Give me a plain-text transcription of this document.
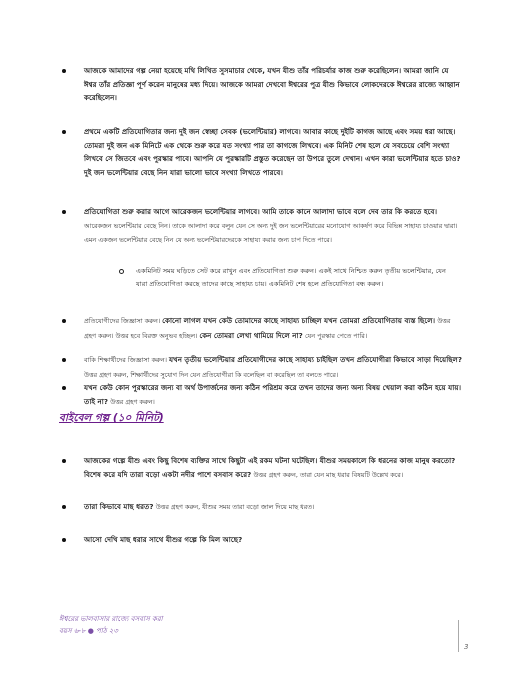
আজকে আমাদের গল্প নেয়া হয়েছে মথি লিখিত সুসমাচার থেকে, যখন যীশু তাঁর পরিচর্যার কাজ শুরু করেছিলেন। আমরা জানি যে ঈশ্বর তাঁর প্রতিজ্ঞা পূর্ণ করেন মানুষের মধ্য দিয়ে। আজকে আমরা দেখবো ঈশ্বরের পুত্র যীশু কিভাবে লোকদেরকে ঈশ্বরের রাজ্যে আহ্বান করেছিলেন।
প্রথমে একটি প্রতিযোগিতার জন্য দুই জন স্বেচ্ছা সেবক (ভলেন্টিয়ার) লাগবে। আবার কাছে দুইটি কাগজ আছে এবং সময় ধরা আছে। তোমরা দুই জন এক মিনিটে এক থেকে শুরু করে যত সংখ্যা পার তা কাগজে লিখবে। এক মিনিট শেষ হলে যে সবচেয়ে বেশি সংখ্যা লিখবে সে জিতবে এবং পুরস্কার পাবে। আপনি যে পুরস্কারটি প্রস্তুত করেছেন তা উপরে তুলে দেখান। এখন কারা ভলেন্টিয়ার হতে চাও? দুই জন ভলেন্টিয়ার বেছে নিন যারা ভালো ভাবে সংখ্যা লিখতে পারবে।
প্রতিযোগিতা শুরু করার আগে আরেকজন ভলেন্টিয়ার লাগবে। আমি তাকে কানে আলাদা ভাবে বলে দেব তার কি করতে হবে। আরেকজন ভলেন্টিয়ার বেছে নিন। তাকে আলাদা করে বলুন যেন সে অন্য দুই জন ভলেন্টিয়ারের মনোযোগ আকর্ষণ করে বিভিন্ন সাহায্য চাওয়ার দ্বারা। এমন একজন ভলেন্টিয়ার বেছে নিন যে অন্য ভলেন্টিয়ারদেরকে সাহায্য করার জন্য চাপ দিতে পারে।
একমিনিট সময় ঘড়িতে সেট করে রাখুন এবং প্রতিযোগিতা শুরু করুন। একই সাথে নিশ্চিত করুন তৃতীয় ভলেন্টিয়ার, যেন যারা প্রতিযোগিতা করছে তাদের কাছে সাহায্য চায়। একমিনিট শেষ হলে প্রতিযোগিতা বন্ধ করুন।
প্রতিযোগীদের জিজ্ঞাসা করুন। কোনো লাগল যখন কেউ তোমাদের কাছে সাহায্য চাচ্ছিল যখন তোমরা প্রতিযোগিতায় ব্যস্ত ছিলে। উত্তর গ্রহণ করুন। উত্তর হবে বিরক্ত অনুভব হচ্ছিল। কেন তোমরা লেখা থামিয়ে দিলে না? যেন পুরস্কার পেতে পারি।
বাকি শিক্ষার্থীদের জিজ্ঞাসা করুন। যখন তৃতীয় ভলেন্টিয়ার প্রতিযোগীদের কাছে সাহায্য চাইছিল তখন প্রতিযোগীরা কিভাবে সাড়া দিয়েছিল? উত্তর গ্রহণ করুন, শিক্ষার্থীদের সুযোগ দিন যেন প্রতিযোগীরা কি বলেছিল বা করেছিল তা বলতে পারে।
যখন কেউ কোন পুরস্কারের জন্য বা অর্থ উপার্জনের জন্য কঠিন পরিশ্রম করে তখন তাদের জন্য অন্য বিষয় খেয়াল করা কঠিন হয়ে যায়। তাই না? উত্তর গ্রহণ করুন।
বাইবেল গল্প (১০ মিনিট)
আজকের গল্পে যীশু এবং কিছু বিশেষ ব্যক্তির সাথে কিছুটা এই রকম ঘটনা ঘটেছিল। যীশুর সময়কালে কি ধরনের কাজ মানুষ করতো? বিশেষ করে যদি তারা বড়ো একটা নদীর পাশে বসবাস করে? উত্তর গ্রহণ করুন, তারা যেন মাছ ধরার বিষয়টি উল্লেখ করে।
তারা কিভাবে মাছ ধরত? উত্তর গ্রহণ করুন, যীশুর সময় তারা বড়ো জাল দিয়ে মাছ ধরত।
আসো দেখি মাছ ধরার সাথে যীশুর গল্পে কি মিল আছে?
ঈশ্বরের ভালবাসার রাজ্যে বসবাস করা
বয়স ৬-৮ ● পাঠ ২৩
3
